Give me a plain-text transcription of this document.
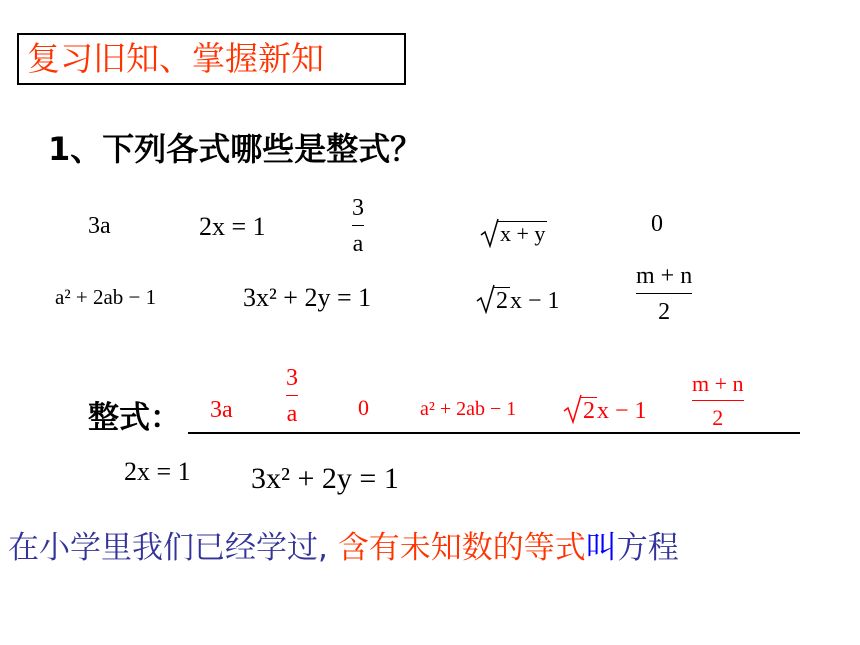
复习旧知、掌握新知
1、下列各式哪些是整式？
3a	2x = 1
3
a	x + y	0
a² + 2ab − 1	3x² + 2y = 1	2x − 1
m + n
2
整式： 3a
3
a	0	a² + 2ab − 1	2x − 1
m + n
2
2x = 1 3x² + 2y = 1
在小学里我们已经学过, 含有未知数的等式叫方程
